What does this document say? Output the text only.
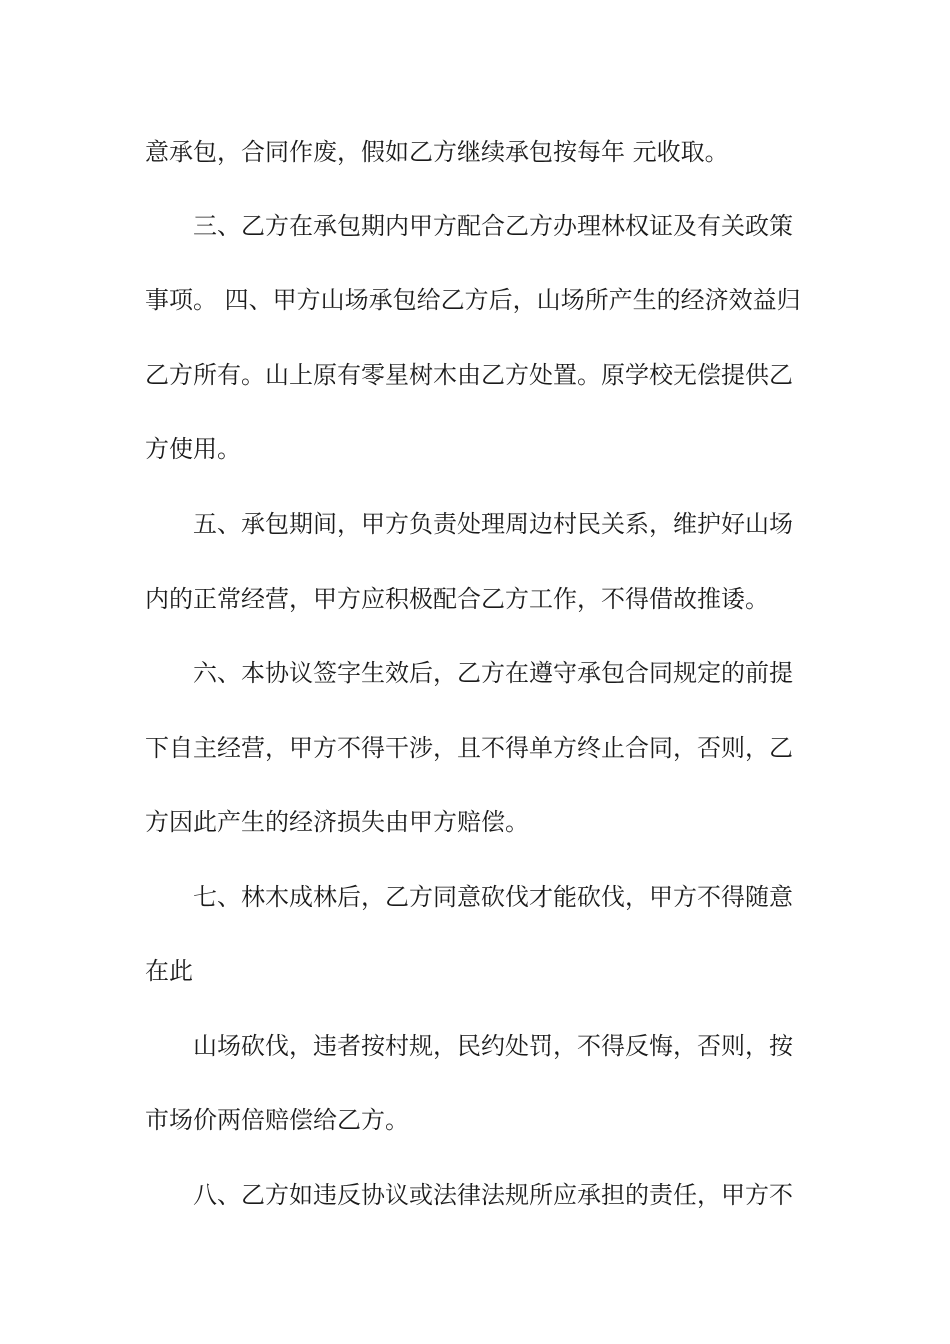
意承包，合同作废，假如乙方继续承包按每年 元收取。
三、乙方在承包期内甲方配合乙方办理林权证及有关政策
事项。 四、甲方山场承包给乙方后，山场所产生的经济效益归
乙方所有。山上原有零星树木由乙方处置。原学校无偿提供乙
方使用。
五、承包期间，甲方负责处理周边村民关系，维护好山场
内的正常经营，甲方应积极配合乙方工作，不得借故推诿。
六、本协议签字生效后，乙方在遵守承包合同规定的前提
下自主经营，甲方不得干涉，且不得单方终止合同，否则，乙
方因此产生的经济损失由甲方赔偿。
七、林木成林后，乙方同意砍伐才能砍伐，甲方不得随意
在此
山场砍伐，违者按村规，民约处罚，不得反悔，否则，按
市场价两倍赔偿给乙方。
八、乙方如违反协议或法律法规所应承担的责任，甲方不
